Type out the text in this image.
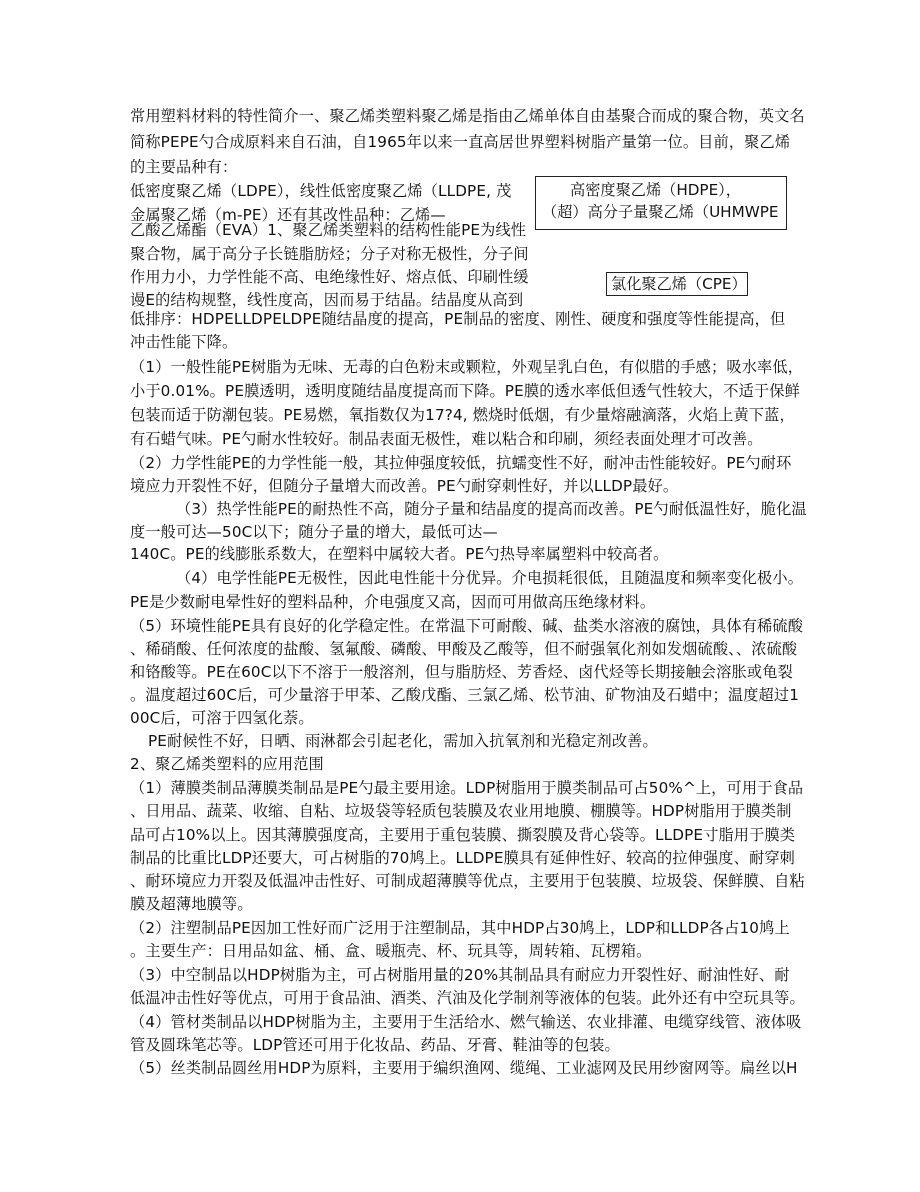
常用塑料材料的特性简介一、聚乙烯类塑料聚乙烯是指由乙烯单体自由基聚合而成的聚合物，英文名

简称PEPE勺合成原料来自石油，自1965年以来一直高居世界塑料树脂产量第一位。目前，聚乙烯

的主要品种有：

低密度聚乙烯（LDPE），线性低密度聚乙烯（LLDPE, 茂

金属聚乙烯（m-PE）还有其改性品种：乙烯—

乙酸乙烯酯（EVA）1、聚乙烯类塑料的结构性能PE为线性

聚合物，属于高分子长链脂肪烃；分子对称无极性，分子间

作用力小，力学性能不高、电绝缘性好、熔点低、印刷性缓

谩E的结构规整，线性度高，因而易于结晶。结晶度从高到

高密度聚乙烯（HDPE），
（超）高分子量聚乙烯（UHMWPE
氯化聚乙烯（CPE）

低排序：HDPELLDPELDPE随结晶度的提高，PE制品的密度、刚性、硬度和强度等性能提高，但

冲击性能下降。

（1）一般性能PE树脂为无味、无毒的白色粉末或颗粒，外观呈乳白色，有似腊的手感；吸水率低，

小于0.01%。PE膜透明，透明度随结晶度提高而下降。PE膜的透水率低但透气性较大，不适于保鲜

包装而适于防潮包装。PE易燃，氧指数仅为17?4, 燃烧时低烟，有少量熔融滴落，火焰上黄下蓝，

有石蜡气味。PE勺耐水性较好。制品表面无极性，难以粘合和印刷，须经表面处理才可改善。

（2）力学性能PE的力学性能一般，其拉伸强度较低，抗蠕变性不好，耐冲击性能较好。PE勺耐环

境应力开裂性不好，但随分子量增大而改善。PE勺耐穿刺性好，并以LLDP最好。

（3）热学性能PE的耐热性不高，随分子量和结晶度的提高而改善。PE勺耐低温性好，脆化温

度一般可达—50C以下；随分子量的增大，最低可达—

140C。PE的线膨胀系数大，在塑料中属较大者。PE勺热导率属塑料中较高者。

（4）电学性能PE无极性，因此电性能十分优异。介电损耗很低，且随温度和频率变化极小。

PE是少数耐电晕性好的塑料品种，介电强度又高，因而可用做高压绝缘材料。

（5）环境性能PE具有良好的化学稳定性。在常温下可耐酸、碱、盐类水溶液的腐蚀，具体有稀硫酸

、稀硝酸、任何浓度的盐酸、氢氟酸、磷酸、甲酸及乙酸等，但不耐强氧化剂如发烟硫酸、、浓硫酸

和铬酸等。PE在60C以下不溶于一般溶剂，但与脂肪烃、芳香烃、卤代烃等长期接触会溶胀或龟裂

。温度超过60C后，可少量溶于甲苯、乙酸戊酯、三氯乙烯、松节油、矿物油及石蜡中；温度超过1

00C后，可溶于四氢化萘。

PE耐候性不好，日晒、雨淋都会引起老化，需加入抗氧剂和光稳定剂改善。

2、聚乙烯类塑料的应用范围

（1）薄膜类制品薄膜类制品是PE勺最主要用途。LDP树脂用于膜类制品可占50%^上，可用于食品

、日用品、蔬菜、收缩、自粘、垃圾袋等轻质包装膜及农业用地膜、棚膜等。HDP树脂用于膜类制

品可占10%以上。因其薄膜强度高，主要用于重包装膜、撕裂膜及背心袋等。LLDPE寸脂用于膜类

制品的比重比LDP还要大，可占树脂的70鸠上。LLDPE膜具有延伸性好、较高的拉伸强度、耐穿刺

、耐环境应力开裂及低温冲击性好、可制成超薄膜等优点，主要用于包装膜、垃圾袋、保鲜膜、自粘

膜及超薄地膜等。

（2）注塑制品PE因加工性好而广泛用于注塑制品，其中HDP占30鸠上，LDP和LLDP各占10鸠上

。主要生产：日用品如盆、桶、盒、暖瓶壳、杯、玩具等，周转箱、瓦楞箱。

（3）中空制品以HDP树脂为主，可占树脂用量的20%其制品具有耐应力开裂性好、耐油性好、耐

低温冲击性好等优点，可用于食品油、酒类、汽油及化学制剂等液体的包装。此外还有中空玩具等。

（4）管材类制品以HDP树脂为主，主要用于生活给水、燃气输送、农业排灌、电缆穿线管、液体吸

管及圆珠笔芯等。LDP管还可用于化妆品、药品、牙膏、鞋油等的包装。

（5）丝类制品圆丝用HDP为原料，主要用于编织渔网、缆绳、工业滤网及民用纱窗网等。扁丝以H
